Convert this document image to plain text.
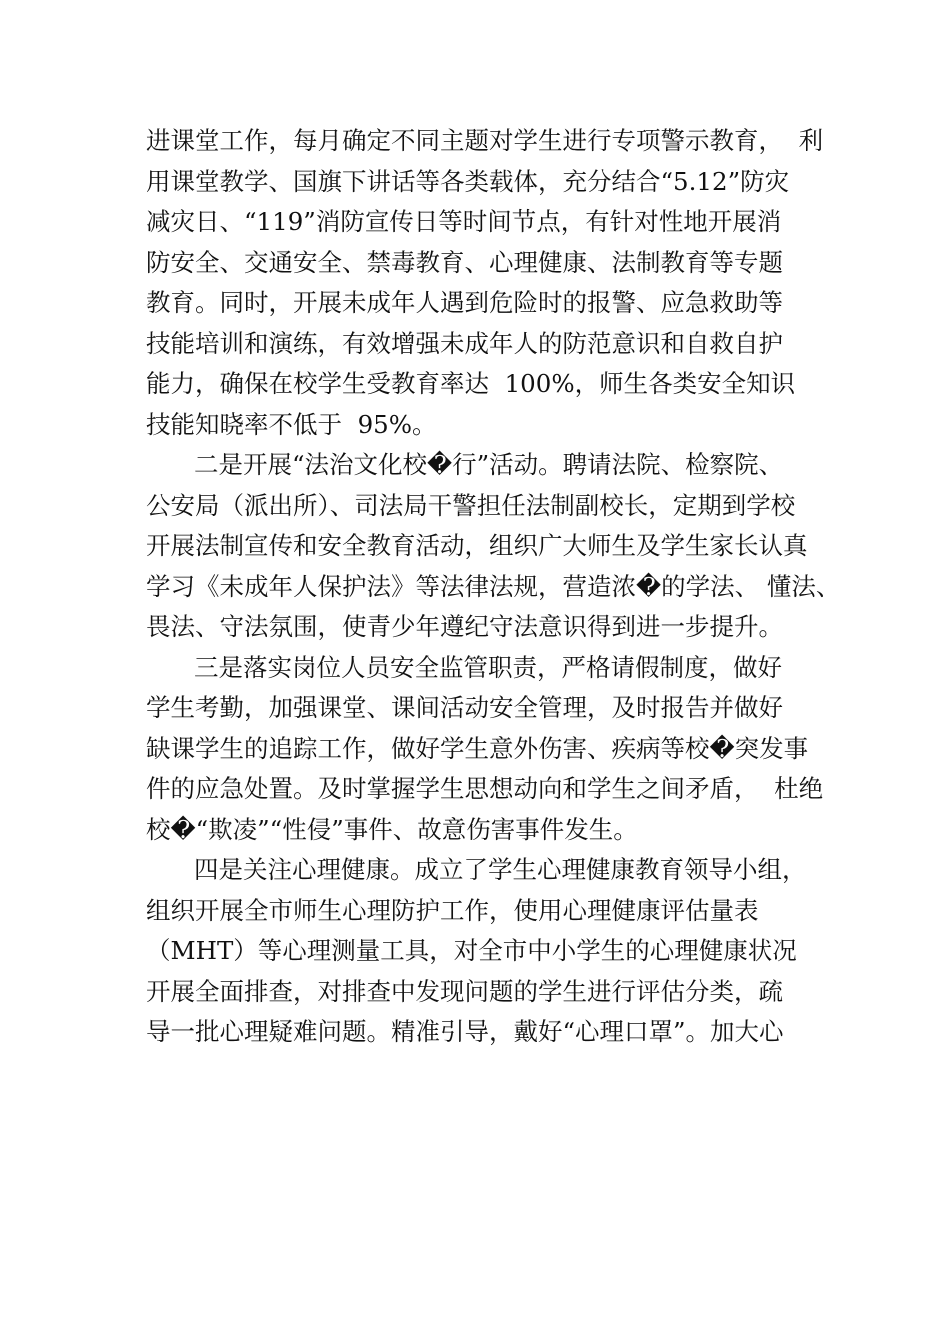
进课堂工作，每月确定不同主题对学生进行专项警示教育，  利
用课堂教学、国旗下讲话等各类载体，充分结合“5.12”防灾
减灾日、“119”消防宣传日等时间节点，有针对性地开展消
防安全、交通安全、禁毒教育、心理健康、法制教育等专题
教育。同时，开展未成年人遇到危险时的报警、应急救助等
技能培训和演练，有效增强未成年人的防范意识和自救自护
能力，确保在校学生受教育率达  100%，师生各类安全知识
技能知晓率不低于  95%。
二是开展“法治文化校�行”活动。聘请法院、检察院、
公安局（派出所）、司法局干警担任法制副校长，定期到学校
开展法制宣传和安全教育活动，组织广大师生及学生家长认真
学习《未成年人保护法》等法律法规，营造浓�的学法、 懂法、
畏法、守法氛围，使青少年遵纪守法意识得到进一步提升。
三是落实岗位人员安全监管职责，严格请假制度，做好
学生考勤，加强课堂、课间活动安全管理，及时报告并做好
缺课学生的追踪工作，做好学生意外伤害、疾病等校�突发事
件的应急处置。及时掌握学生思想动向和学生之间矛盾，  杜绝
校�“欺凌”“性侵”事件、故意伤害事件发生。
四是关注心理健康。成立了学生心理健康教育领导小组，
组织开展全市师生心理防护工作，使用心理健康评估量表
（MHT）等心理测量工具，对全市中小学生的心理健康状况
开展全面排查，对排查中发现问题的学生进行评估分类，疏
导一批心理疑难问题。精准引导，戴好“心理口罩”。加大心
